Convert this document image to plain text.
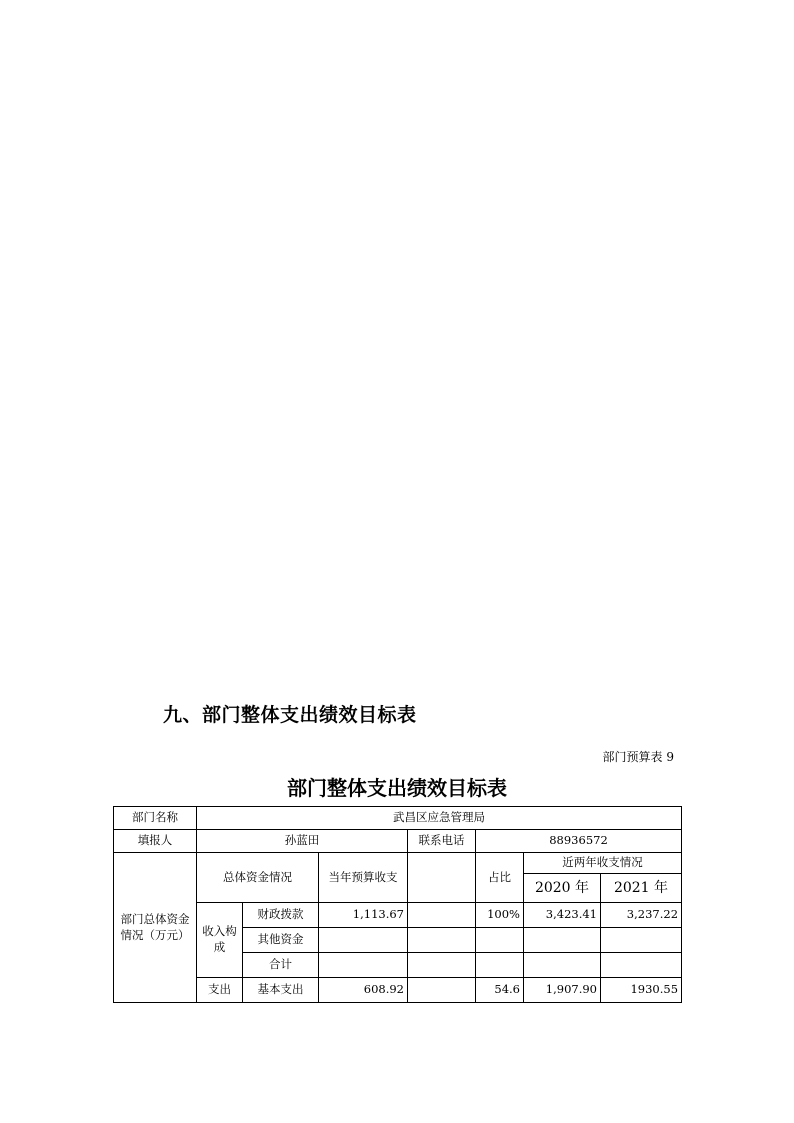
九、部门整体支出绩效目标表
部门预算表 9
部门整体支出绩效目标表
部门名称	武昌区应急管理局						
填报人	孙蓝田			联系电话	88936572		
部门总体资金情况（万元）	总体资金情况		当年预算收支		占比	近两年收支情况	
						2020 年	2021 年
	收入构成	财政拨款	1,113.67		100%	3,423.41	3,237.22
		其他资金					
		合计					
	支出	基本支出	608.92		54.6	1,907.90	1930.55
